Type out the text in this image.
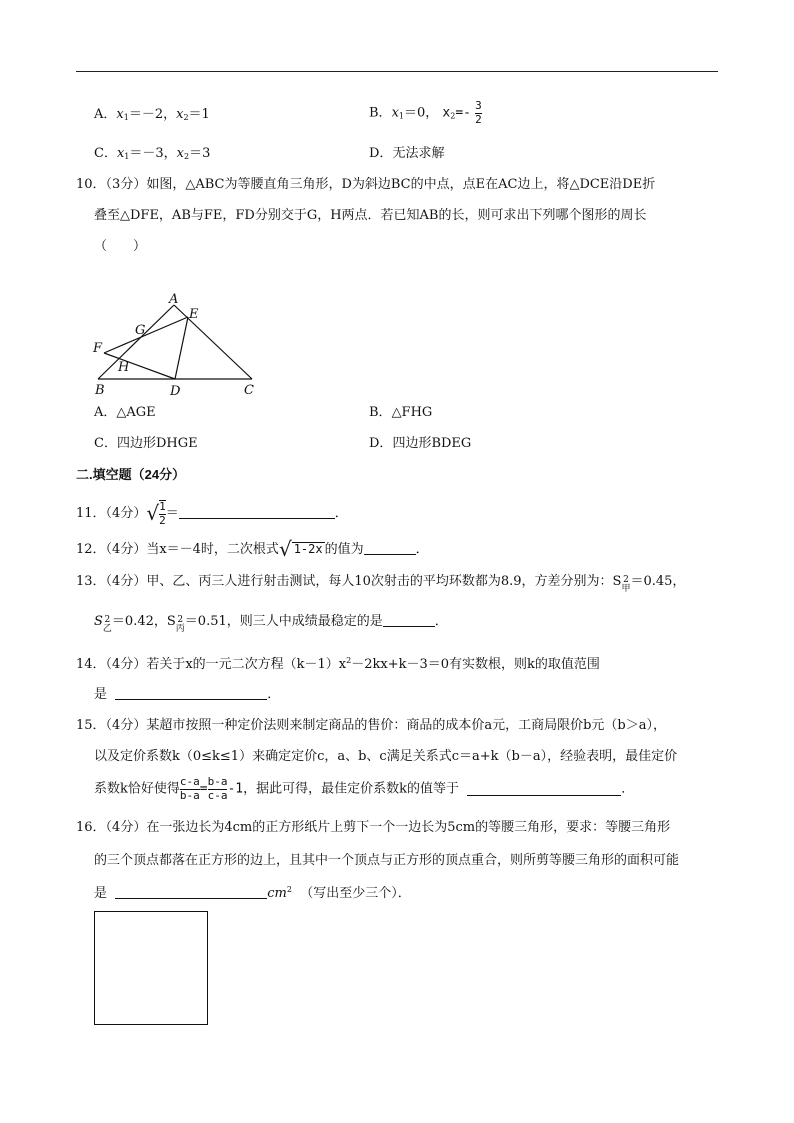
A．$x_1=-2$，$x_2=1$	B．$x_1=0$， $x_2=- \frac{3}{2}$
C．$x_1=-3$，$x_2=3$	D．无法求解
10．（3分）如图，△ABC为等腰直角三角形，D为斜边BC的中点，点E在AC边上，将△DCE沿DE折
叠至△DFE，AB与FE，FD分别交于G，H两点．若已知AB的长，则可求出下列哪个图形的周长
（　　）
A
E
G
F
H
B	D	C
A．△AGE	B．△FHG
C．四边形DHGE	D．四边形BDEG
二.填空题（24分）
11．（4分）√ $\frac{1}{2}$ ＝	．
12．（4分）当x＝－4时，二次根式√ 1-2x 的值为	．
13．（4分）甲、乙、丙三人进行射击测试，每人10次射击的平均环数都为8.9，方差分别为：S 2
甲 ＝0.45，
S 2
乙 ＝0.42，S 2
丙 ＝0.51，则三人中成绩最稳定的是	．
14．（4分）若关于x的一元二次方程$(k-1)x^2-2kx+k-3=0$有实数根，则k的取值范围
是	．
15．（4分）某超市按照一种定价法则来制定商品的售价：商品的成本价a元，工商局限价b元（b＞a），
以及定价系数k（0≤k≤1）来确定定价c，a、b、c满足关系式c＝a+k（b－a），经验表明，最佳定价
系数k恰好使得 $\frac{c-a}{b-a} = \frac{b-a}{c-a} -1$，据此可得，最佳定价系数k的值等于	．
16．（4分）在一张边长为4cm的正方形纸片上剪下一个一边长为5cm的等腰三角形，要求：等腰三角形
的三个顶点都落在正方形的边上，且其中一个顶点与正方形的顶点重合，则所剪等腰三角形的面积可能
是	$cm^2$ （写出至少三个）．
